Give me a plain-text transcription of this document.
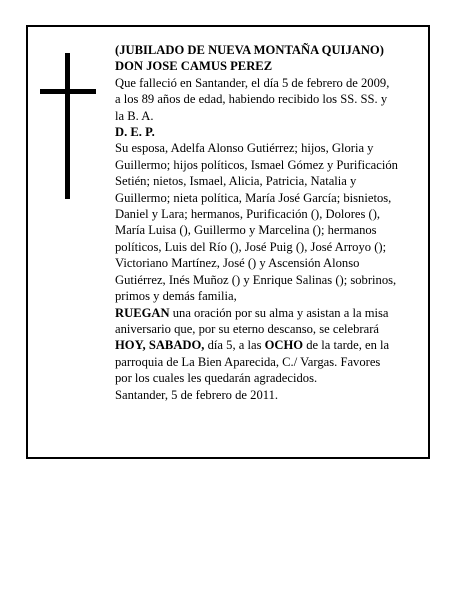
(JUBILADO DE NUEVA MONTAÑA QUIJANO)
DON JOSE CAMUS PEREZ
Que falleció en Santander, el día 5 de febrero de 2009,
a los 89 años de edad, habiendo recibido los SS. SS. y
la B. A.
D. E. P.
Su esposa, Adelfa Alonso Gutiérrez; hijos, Gloria y
Guillermo; hijos políticos, Ismael Gómez y Purificación
Setién; nietos, Ismael, Alicia, Patricia, Natalia y
Guillermo; nieta política, María José García; bisnietos,
Daniel y Lara; hermanos, Purificación (), Dolores (),
María Luisa (), Guillermo y Marcelina (); hermanos
políticos, Luis del Río (), José Puig (), José Arroyo ();
Victoriano Martínez, José () y Ascensión Alonso
Gutiérrez, Inés Muñoz () y Enrique Salinas (); sobrinos,
primos y demás familia,
RUEGAN una oración por su alma y asistan a la misa
aniversario que, por su eterno descanso, se celebrará
HOY, SABADO, día 5, a las OCHO de la tarde, en la
parroquia de La Bien Aparecida, C./ Vargas. Favores
por los cuales les quedarán agradecidos.
Santander, 5 de febrero de 2011.
